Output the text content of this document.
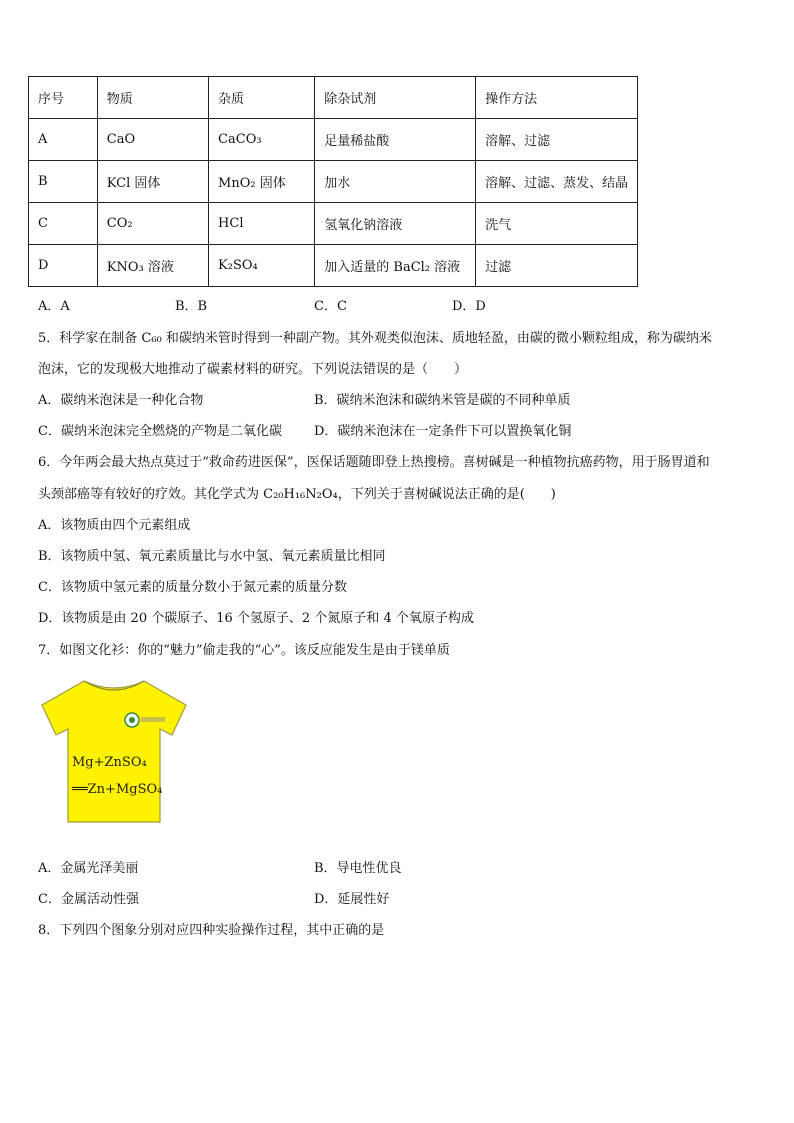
序号	物质	杂质	除杂试剂	操作方法
A	CaO	CaCO₃	足量稀盐酸	溶解、过滤
B	KCl 固体	MnO₂ 固体	加水	溶解、过滤、蒸发、结晶
C	CO₂	HCl	氢氧化钠溶液	洗气
D	KNO₃ 溶液	K₂SO₄	加入适量的 BaCl₂ 溶液	过滤
A．A	B．B	C．C	D．D
5．科学家在制备 C₆₀ 和碳纳米管时得到一种副产物。其外观类似泡沫、质地轻盈，由碳的微小颗粒组成，称为碳纳米
泡沫，它的发现极大地推动了碳素材料的研究。下列说法错误的是（　　）
A．碳纳米泡沫是一种化合物	B．碳纳米泡沫和碳纳米管是碳的不同种单质
C．碳纳米泡沫完全燃烧的产物是二氧化碳 D．碳纳米泡沫在一定条件下可以置换氧化铜
6．今年两会最大热点莫过于“救命药进医保”，医保话题随即登上热搜榜。喜树碱是一种植物抗癌药物，用于肠胃道和
头颈部癌等有较好的疗效。其化学式为 C₂₀H₁₆N₂O₄，下列关于喜树碱说法正确的是(　　)
A．该物质由四个元素组成
B．该物质中氢、氧元素质量比与水中氢、氧元素质量比相同
C．该物质中氢元素的质量分数小于氮元素的质量分数
D．该物质是由 20 个碳原子、16 个氢原子、2 个氮原子和 4 个氧原子构成
7．如图文化衫：你的“魅力”偷走我的“心”。该反应能发生是由于镁单质
Mg+ZnSO₄
══Zn+MgSO₄
A．金属光泽美丽	B．导电性优良
C．金属活动性强	D．延展性好
8．下列四个图象分别对应四种实验操作过程，其中正确的是
